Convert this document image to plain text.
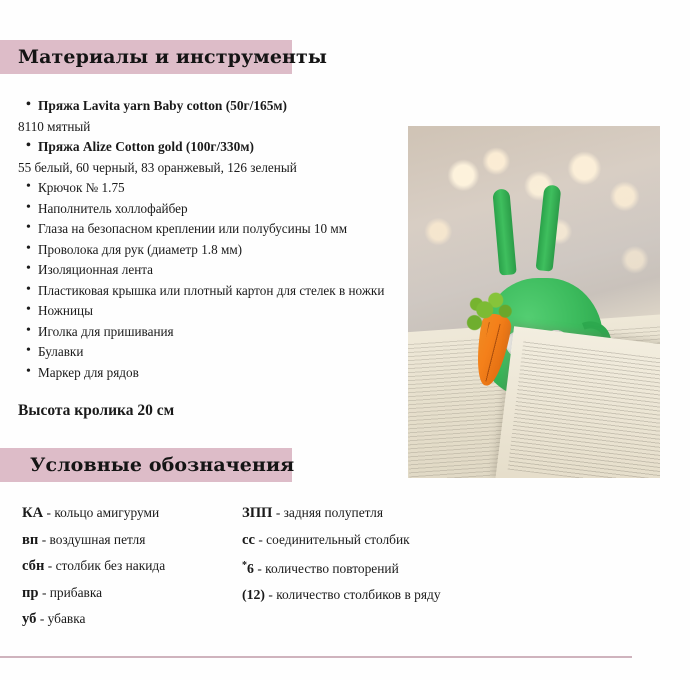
Материалы и инструменты
• Пряжа Lavita yarn Baby cotton (50г/165м)
8110 мятный
• Пряжа Alize Cotton gold (100г/330м)
55 белый, 60 черный, 83 оранжевый, 126 зеленый
• Крючок № 1.75
• Наполнитель холлофайбер
• Глаза на безопасном креплении или полубусины 10 мм
• Проволока для рук (диаметр 1.8 мм)
• Изоляционная лента
• Пластиковая крышка или плотный картон для стелек в ножки
• Ножницы
• Иголка для пришивания
• Булавки
• Маркер для рядов
Высота кролика 20 см
Условные обозначения
КА - кольцо амигуруми
вп - воздушная петля
сбн - столбик без накида
пр - прибавка
уб - убавка
ЗПП - задняя полупетля
сс - соединительный столбик
*6 - количество повторений
(12) - количество столбиков в ряду
